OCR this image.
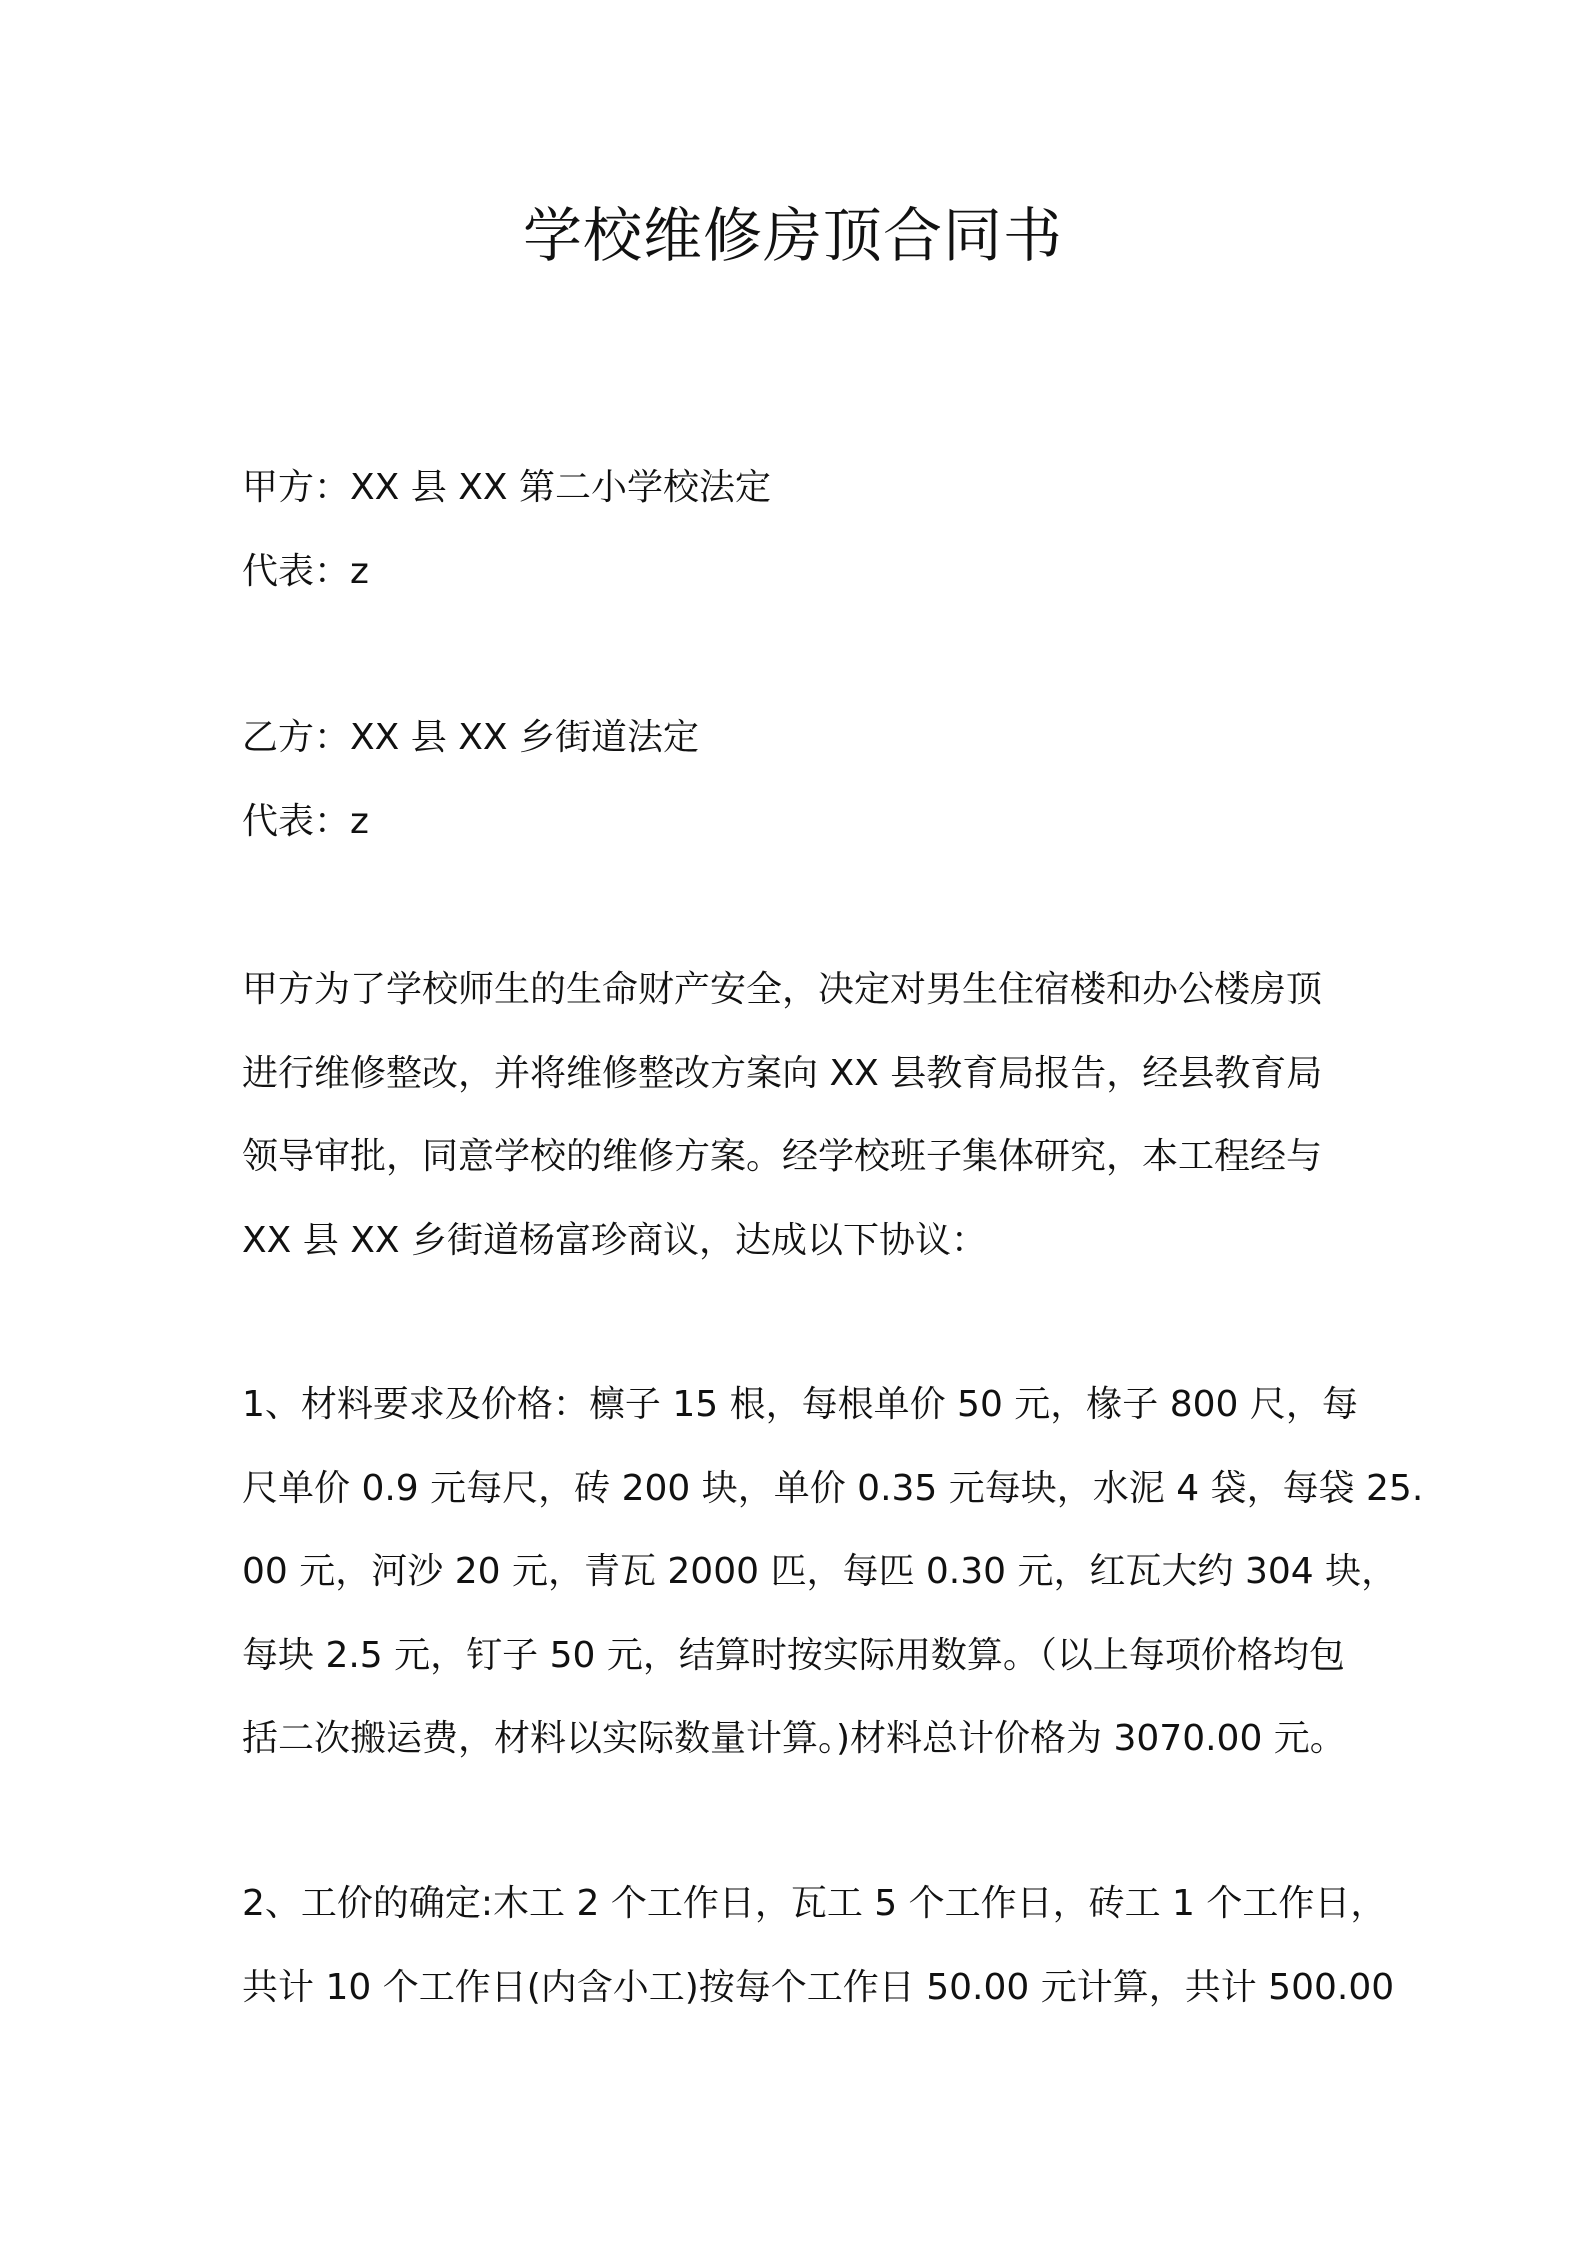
学校维修房顶合同书

甲方：XX 县 XX 第二小学校法定

代表：z

乙方：XX 县 XX 乡街道法定

代表：z

甲方为了学校师生的生命财产安全，决定对男生住宿楼和办公楼房顶
进行维修整改，并将维修整改方案向 XX 县教育局报告，经县教育局
领导审批，同意学校的维修方案。经学校班子集体研究，本工程经与
XX 县 XX 乡街道杨富珍商议，达成以下协议：
1、材料要求及价格：檩子 15 根，每根单价 50 元，椽子 800 尺，每
尺单价 0.9 元每尺，砖 200 块，单价 0.35 元每块，水泥 4 袋，每袋 25.
00 元，河沙 20 元，青瓦 2000 匹，每匹 0.30 元，红瓦大约 304 块，
每块 2.5 元，钉子 50 元，结算时按实际用数算。（以上每项价格均包
括二次搬运费，材料以实际数量计算。)材料总计价格为 3070.00 元。
2、工价的确定:木工 2 个工作日，瓦工 5 个工作日，砖工 1 个工作日，
共计 10 个工作日(内含小工)按每个工作日 50.00 元计算，共计 500.00
